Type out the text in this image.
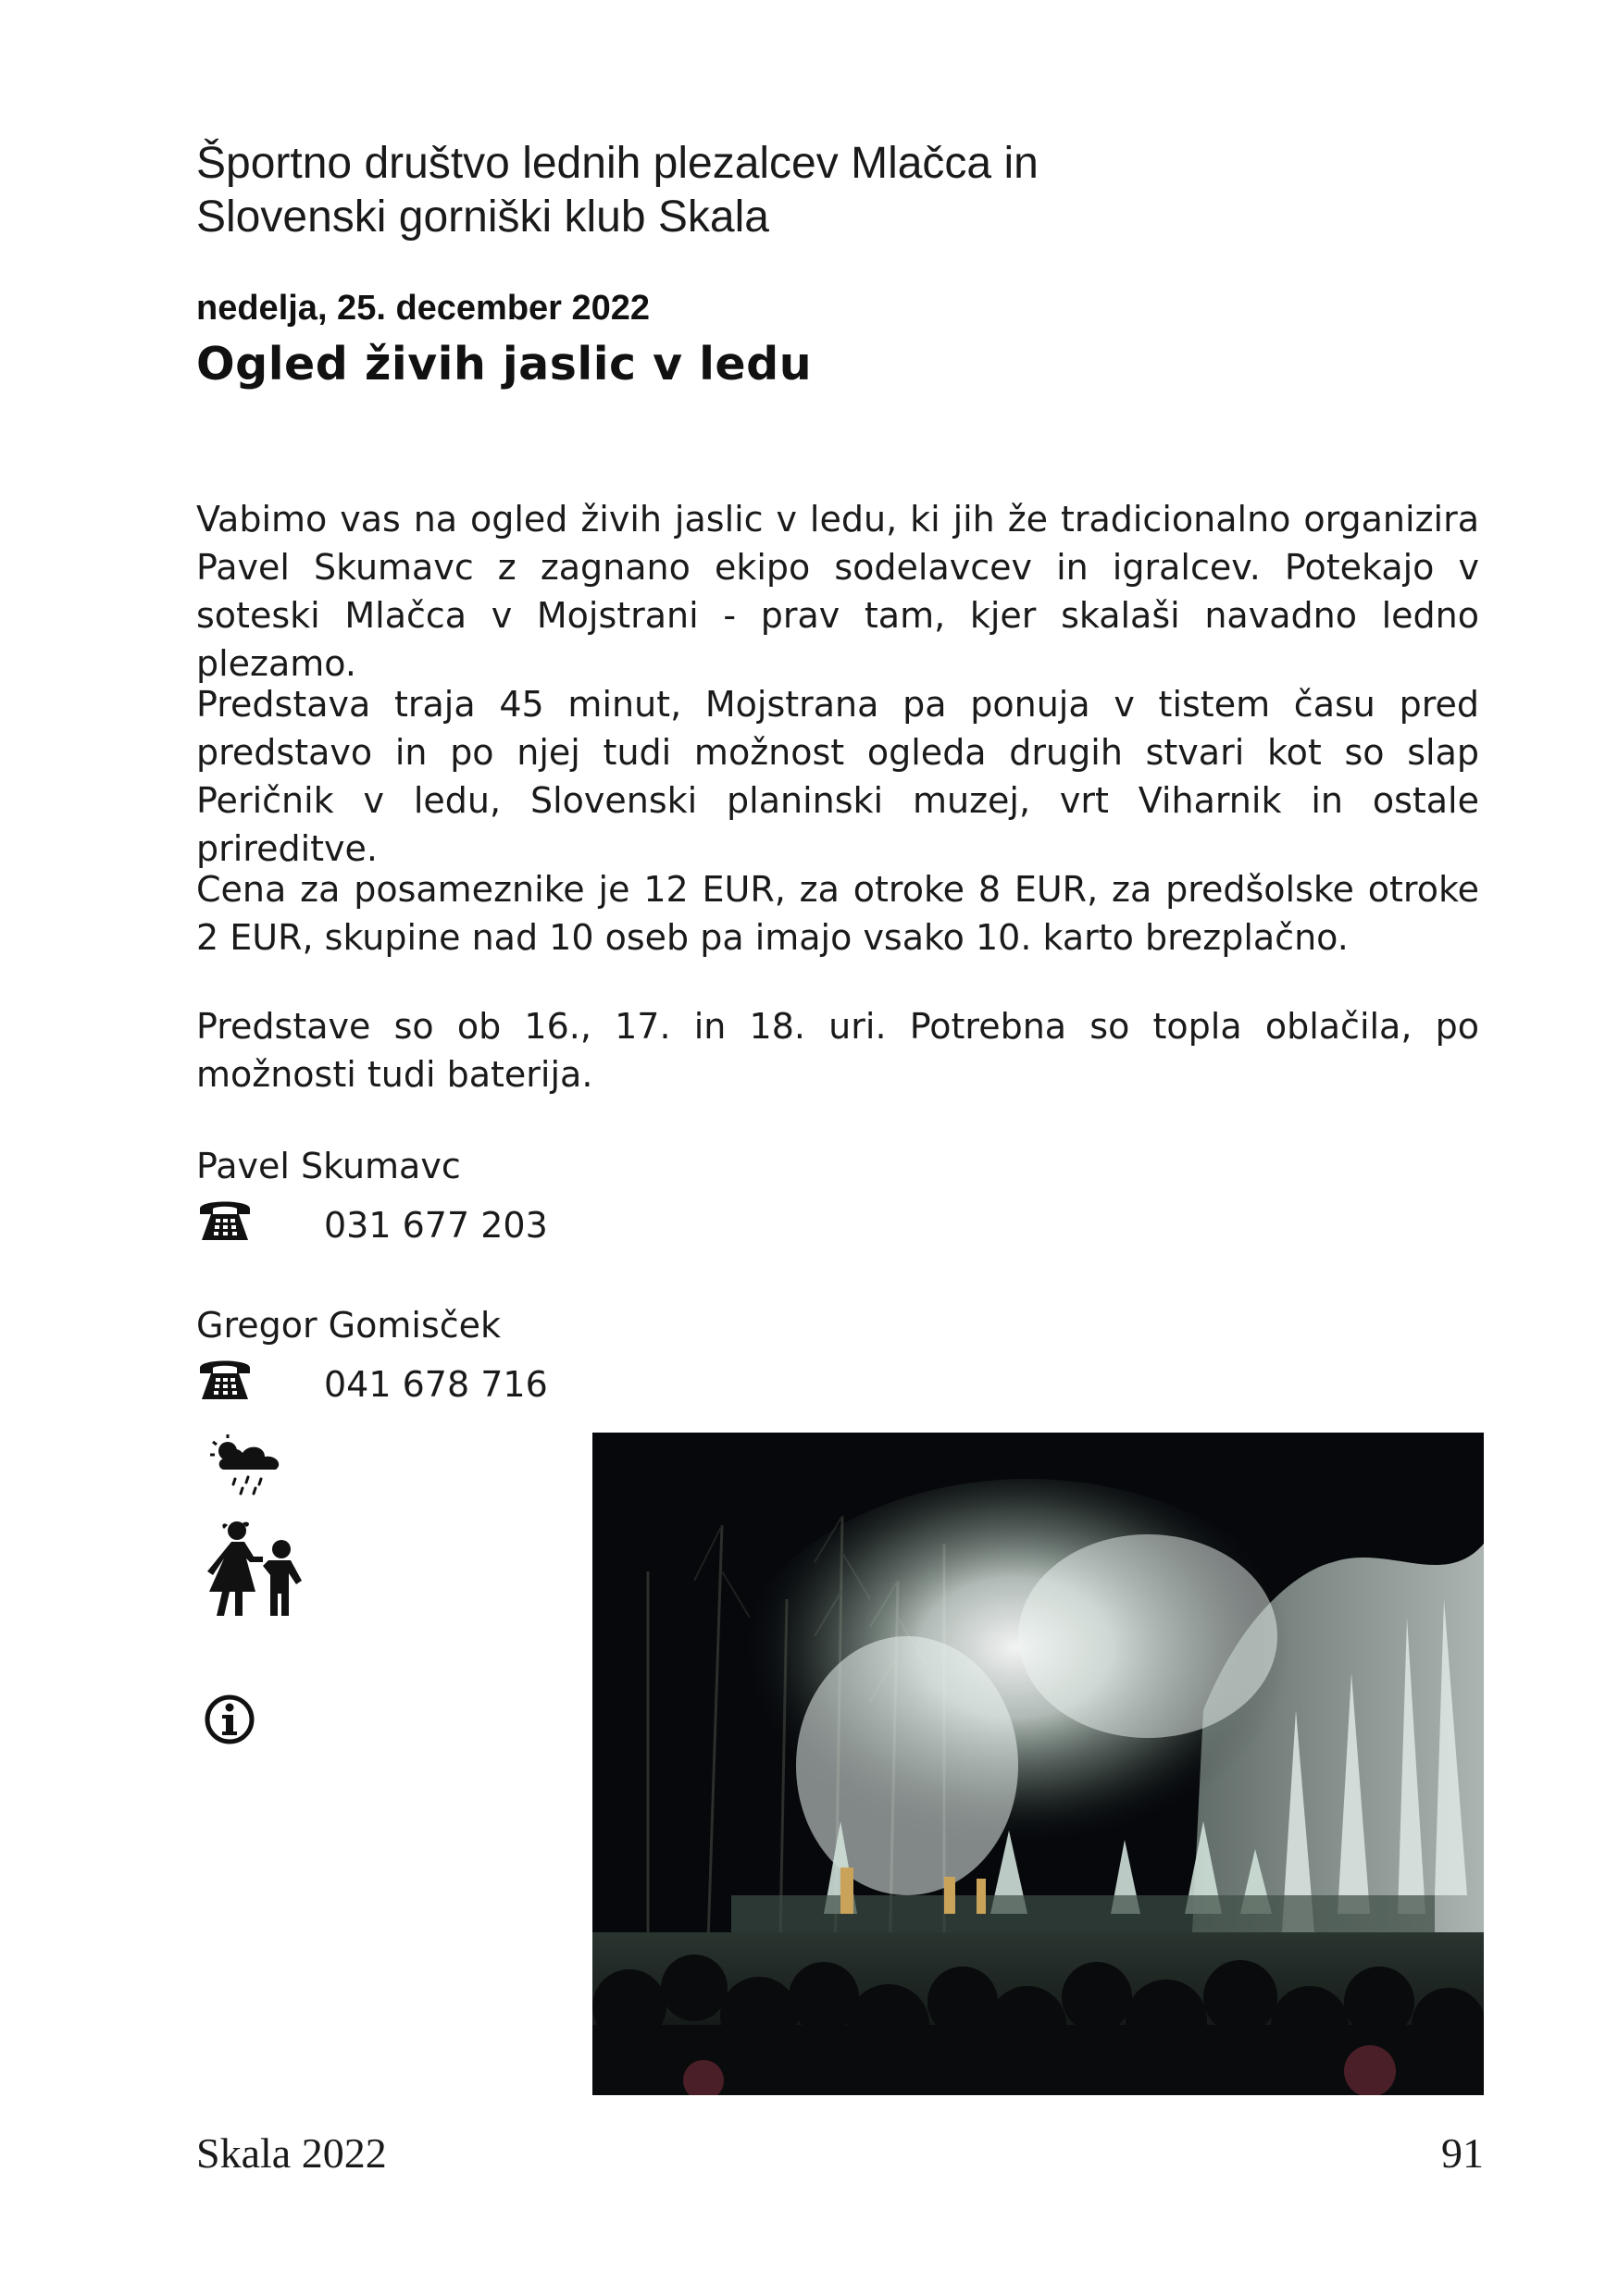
Športno društvo lednih plezalcev Mlačca in
Slovenski gorniški klub Skala
nedelja, 25. december 2022
Ogled živih jaslic v ledu

Vabimo vas na ogled živih jaslic v ledu, ki jih že tradicionalno organizira Pavel Skumavc z zagnano ekipo sodelavcev in igralcev. Potekajo v soteski Mlačca v Mojstrani - prav tam, kjer skalaši navadno ledno plezamo.

Predstava traja 45 minut, Mojstrana pa ponuja v tistem času pred predstavo in po njej tudi možnost ogleda drugih stvari kot so slap Peričnik v ledu, Slovenski planinski muzej, vrt Viharnik in ostale prireditve.

Cena za posameznike je 12 EUR, za otroke 8 EUR, za predšolske otroke 2 EUR, skupine nad 10 oseb pa imajo vsako 10. karto brezplačno.

Predstave so ob 16., 17. in 18. uri. Potrebna so topla oblačila, po možnosti tudi baterija.

Pavel Skumavc
031 677 203
Gregor Gomisček
041 678 716
Skala 2022	91
